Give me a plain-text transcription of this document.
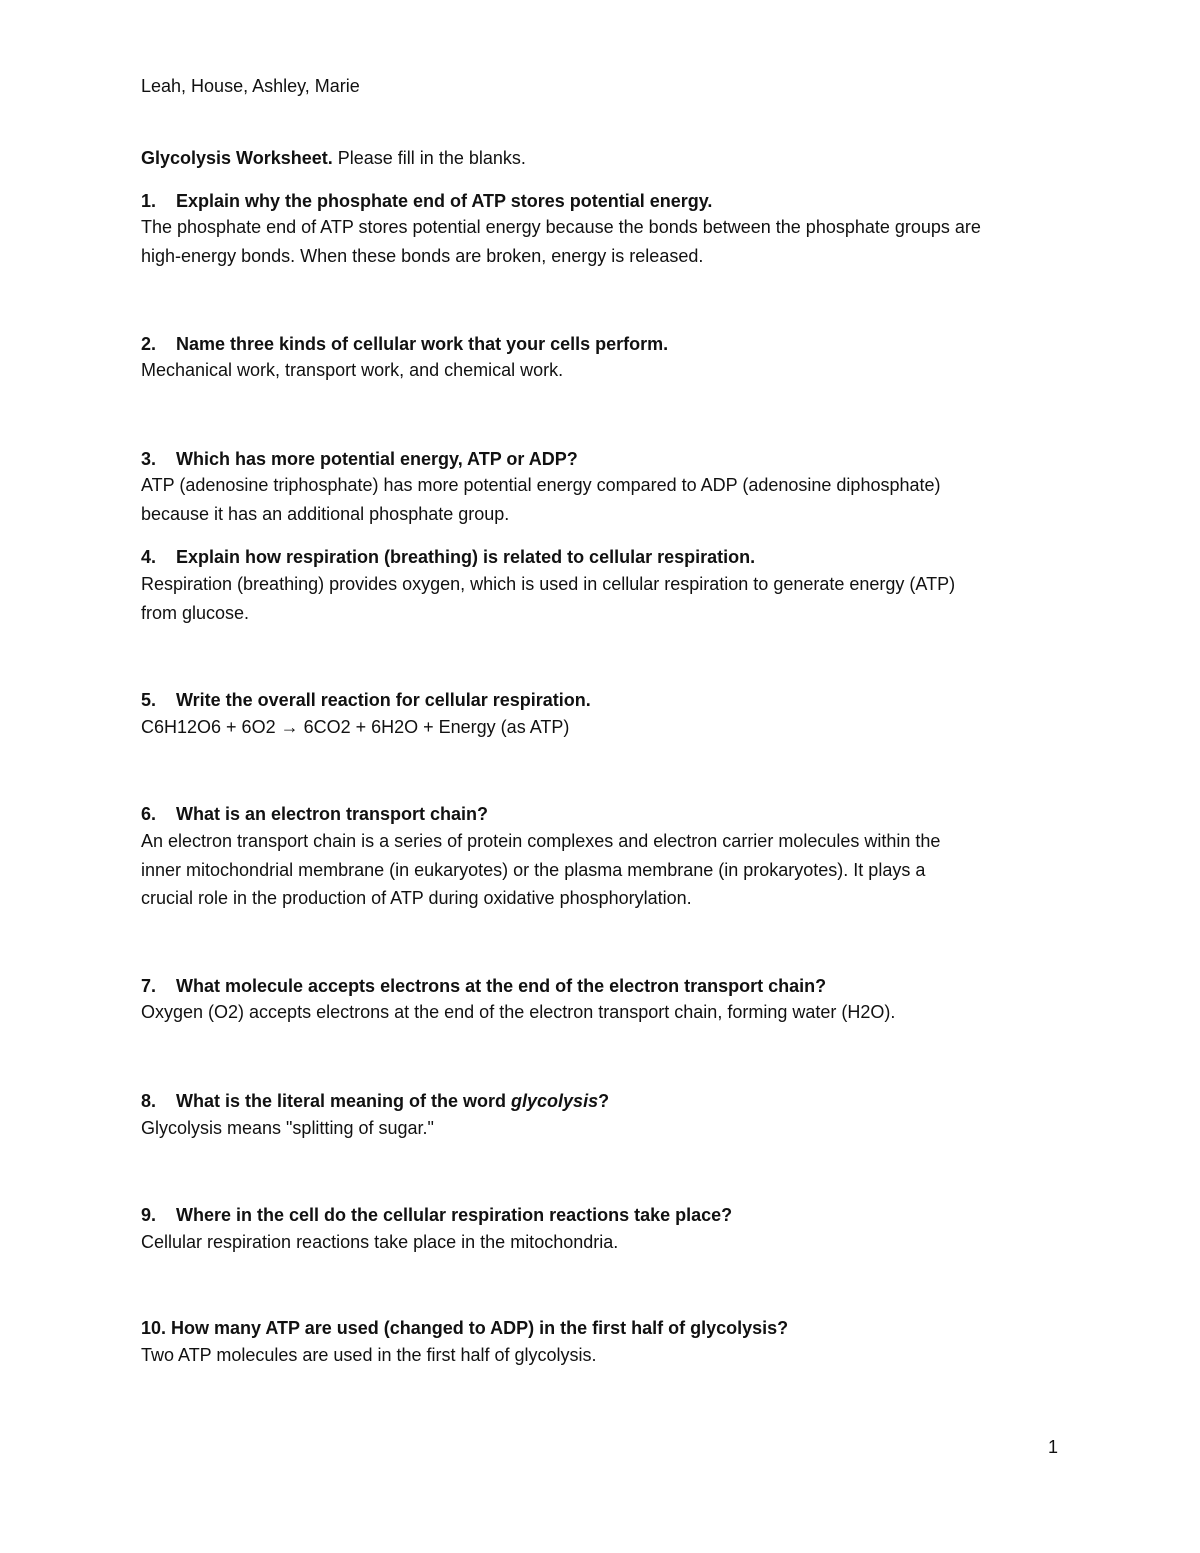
Leah, House, Ashley, Marie
Glycolysis Worksheet. Please fill in the blanks.
1. Explain why the phosphate end of ATP stores potential energy.
The phosphate end of ATP stores potential energy because the bonds between the phosphate groups are
high-energy bonds. When these bonds are broken, energy is released.
2. Name three kinds of cellular work that your cells perform.
Mechanical work, transport work, and chemical work.
3. Which has more potential energy, ATP or ADP?
ATP (adenosine triphosphate) has more potential energy compared to ADP (adenosine diphosphate)
because it has an additional phosphate group.
4. Explain how respiration (breathing) is related to cellular respiration.
Respiration (breathing) provides oxygen, which is used in cellular respiration to generate energy (ATP)
from glucose.
5. Write the overall reaction for cellular respiration.
C6H12O6 + 6O2 → 6CO2 + 6H2O + Energy (as ATP)
6. What is an electron transport chain?
An electron transport chain is a series of protein complexes and electron carrier molecules within the
inner mitochondrial membrane (in eukaryotes) or the plasma membrane (in prokaryotes). It plays a
crucial role in the production of ATP during oxidative phosphorylation.
7. What molecule accepts electrons at the end of the electron transport chain?
Oxygen (O2) accepts electrons at the end of the electron transport chain, forming water (H2O).
8. What is the literal meaning of the word glycolysis?
Glycolysis means "splitting of sugar."
9. Where in the cell do the cellular respiration reactions take place?
Cellular respiration reactions take place in the mitochondria.
10. How many ATP are used (changed to ADP) in the first half of glycolysis?
Two ATP molecules are used in the first half of glycolysis.
1
